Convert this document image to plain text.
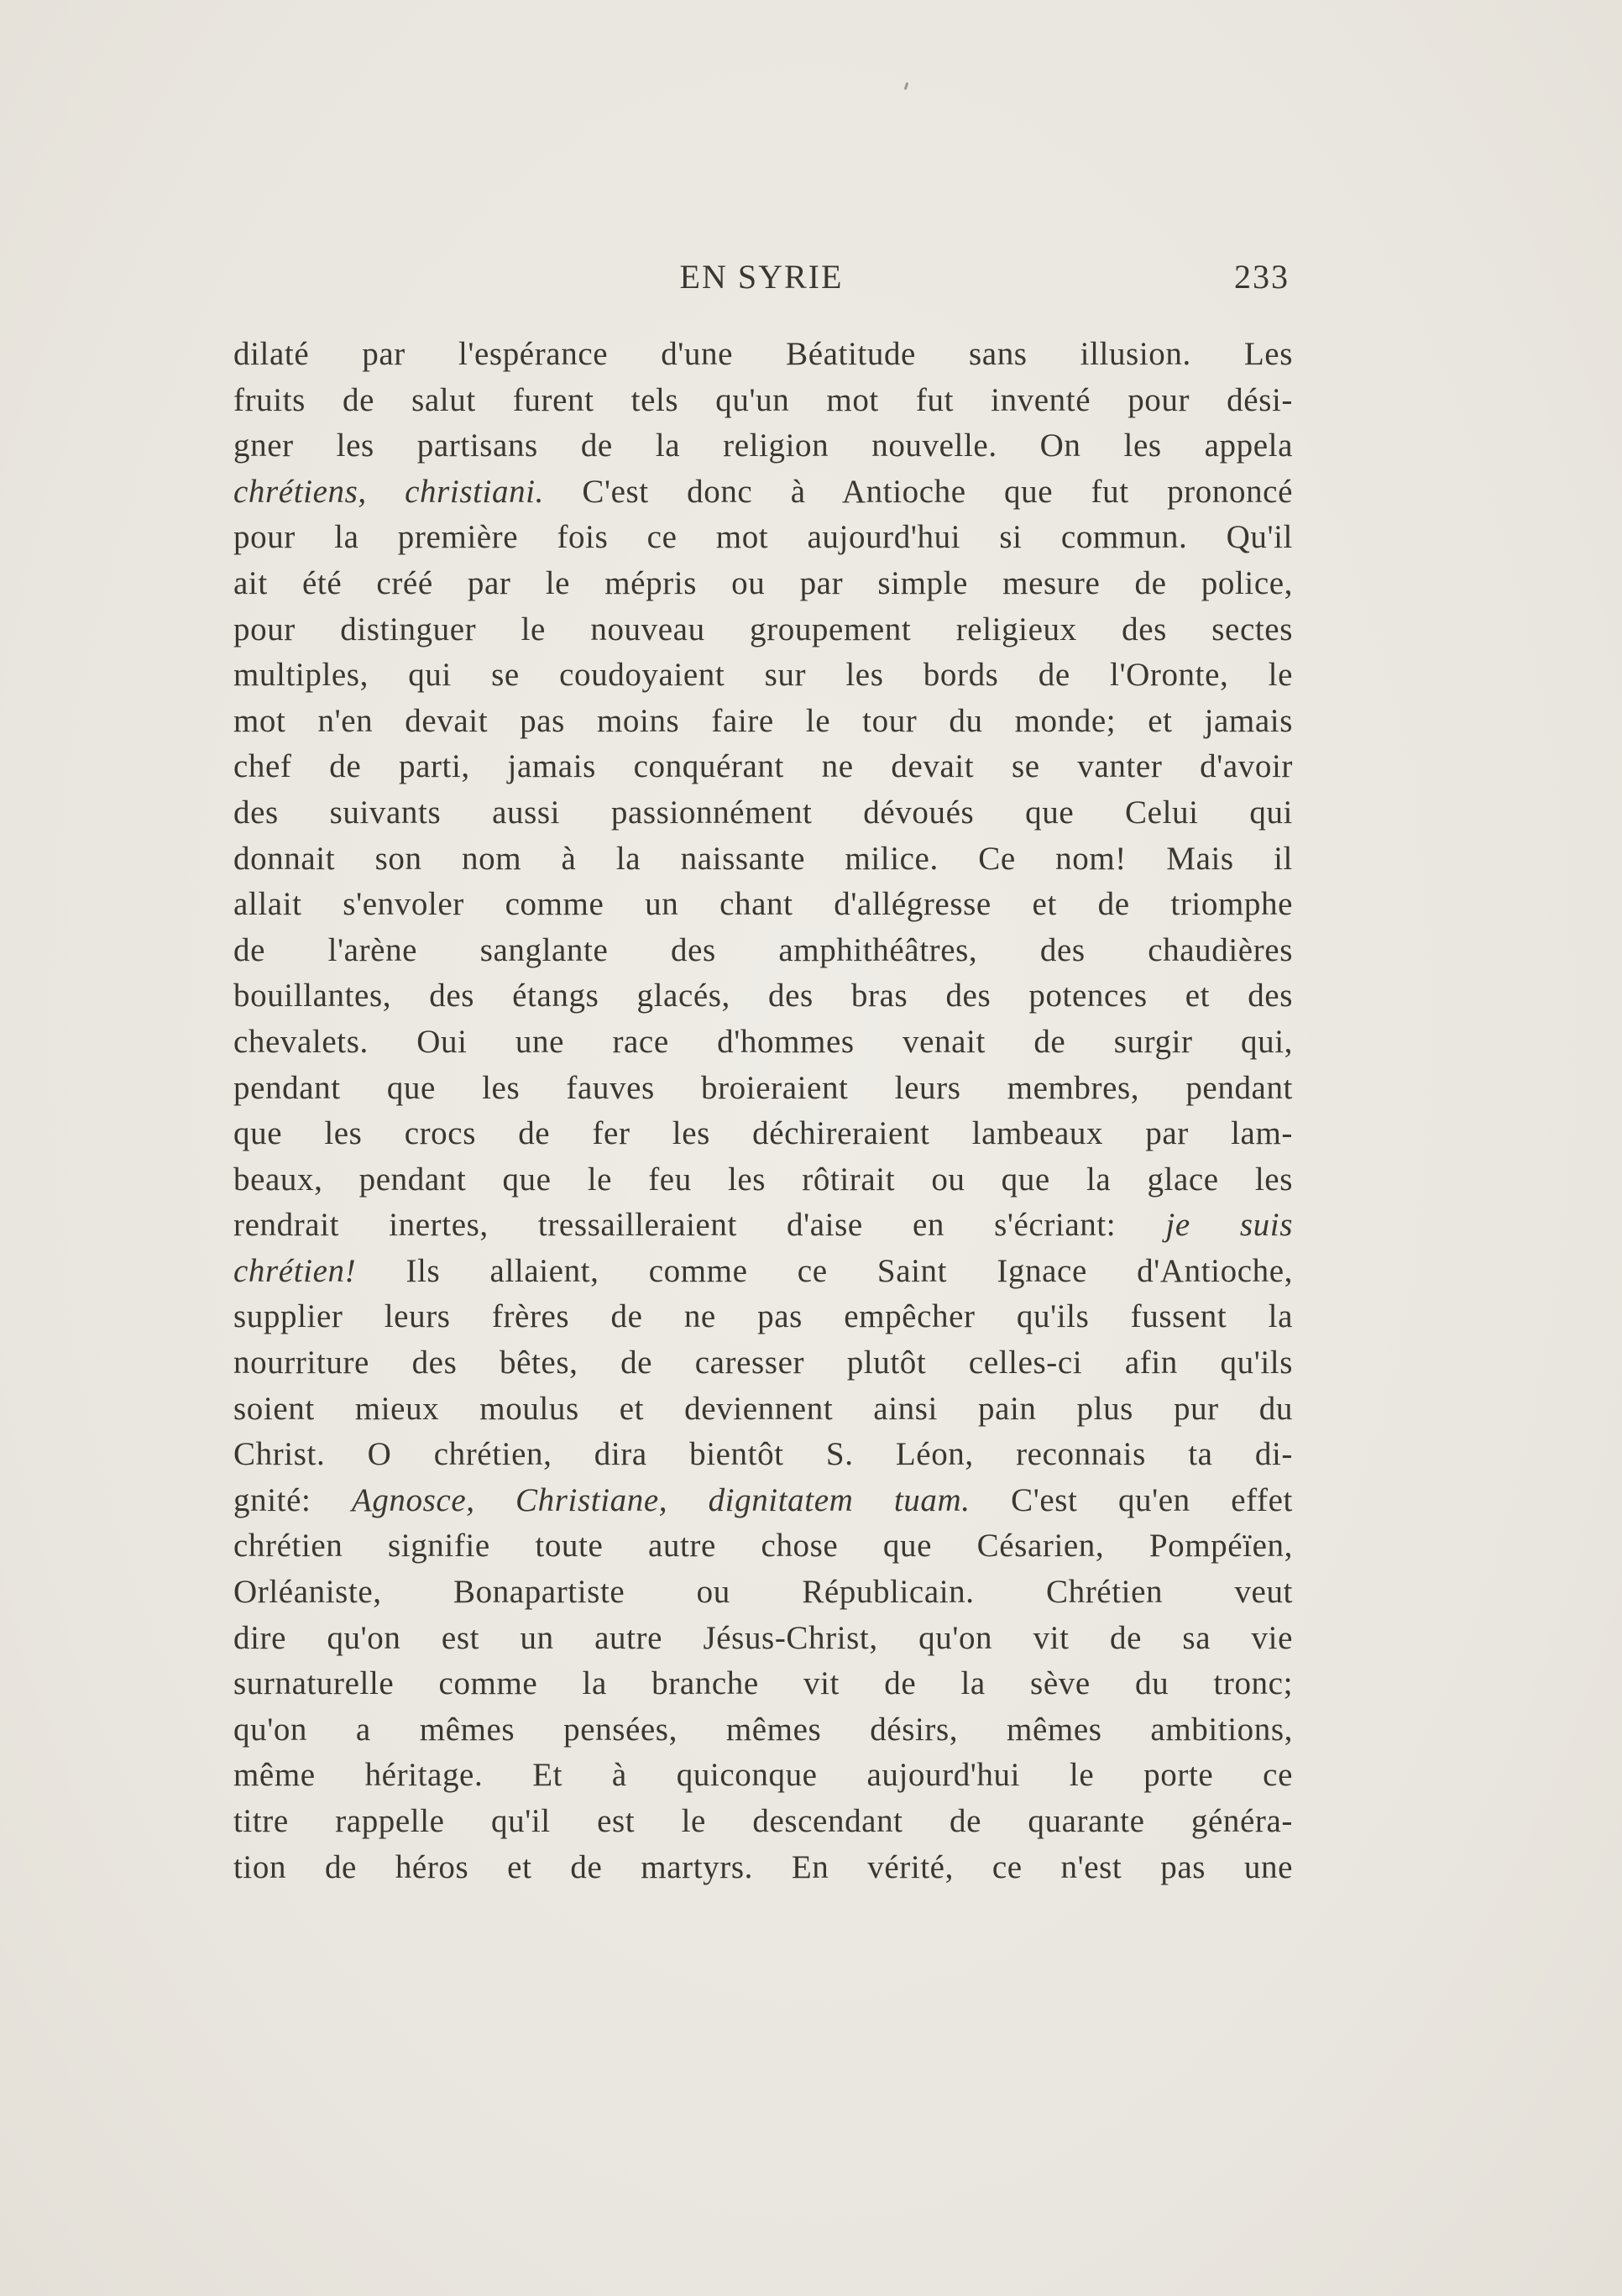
EN SYRIE	233
dilaté par l'espérance d'une Béatitude sans illusion. Les
fruits de salut furent tels qu'un mot fut inventé pour dési-
gner les partisans de la religion nouvelle. On les appela
chrétiens, christiani. C'est donc à Antioche que fut prononcé
pour la première fois ce mot aujourd'hui si commun. Qu'il
ait été créé par le mépris ou par simple mesure de police,
pour distinguer le nouveau groupement religieux des sectes
multiples, qui se coudoyaient sur les bords de l'Oronte, le
mot n'en devait pas moins faire le tour du monde; et jamais
chef de parti, jamais conquérant ne devait se vanter d'avoir
des suivants aussi passionnément dévoués que Celui qui
donnait son nom à la naissante milice. Ce nom! Mais il
allait s'envoler comme un chant d'allégresse et de triomphe
de l'arène sanglante des amphithéâtres, des chaudières
bouillantes, des étangs glacés, des bras des potences et des
chevalets. Oui une race d'hommes venait de surgir qui,
pendant que les fauves broieraient leurs membres, pendant
que les crocs de fer les déchireraient lambeaux par lam-
beaux, pendant que le feu les rôtirait ou que la glace les
rendrait inertes, tressailleraient d'aise en s'écriant: je suis
chrétien! Ils allaient, comme ce Saint Ignace d'Antioche,
supplier leurs frères de ne pas empêcher qu'ils fussent la
nourriture des bêtes, de caresser plutôt celles-ci afin qu'ils
soient mieux moulus et deviennent ainsi pain plus pur du
Christ. O chrétien, dira bientôt S. Léon, reconnais ta di-
gnité: Agnosce, Christiane, dignitatem tuam. C'est qu'en effet
chrétien signifie toute autre chose que Césarien, Pompéïen,
Orléaniste, Bonapartiste ou Républicain. Chrétien veut
dire qu'on est un autre Jésus-Christ, qu'on vit de sa vie
surnaturelle comme la branche vit de la sève du tronc;
qu'on a mêmes pensées, mêmes désirs, mêmes ambitions,
même héritage. Et à quiconque aujourd'hui le porte ce
titre rappelle qu'il est le descendant de quarante généra-
tion de héros et de martyrs. En vérité, ce n'est pas une
